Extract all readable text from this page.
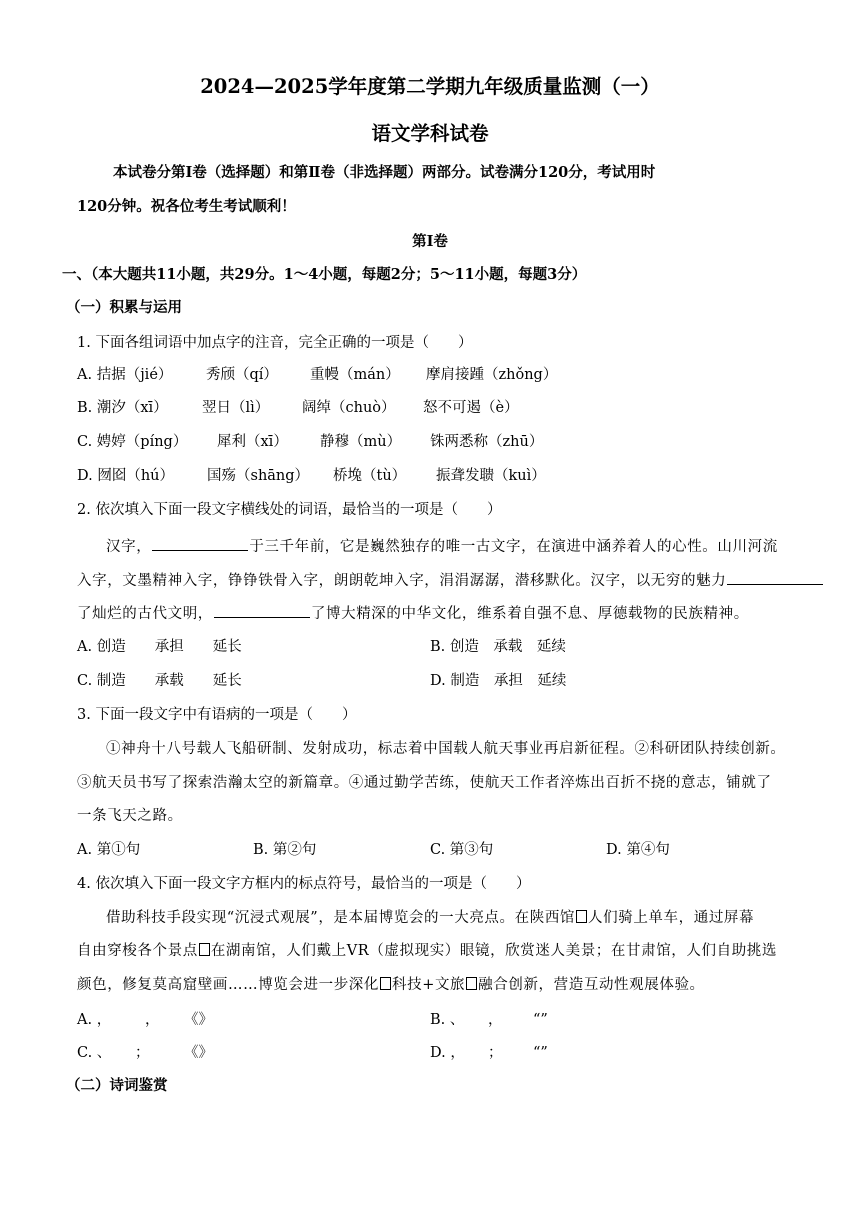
2024—2025学年度第二学期九年级质量监测（一）
语文学科试卷
本试卷分第Ⅰ卷（选择题）和第Ⅱ卷（非选择题）两部分。试卷满分120分，考试用时
120分钟。祝各位考生考试顺利！
第Ⅰ卷
一、（本大题共11小题，共29分。1～4小题，每题2分；5～11小题，每题3分）
（一）积累与运用
1. 下面各组词语中加点字的注音，完全正确的一项是（　　）
A. 拮据（jié） 秀颀（qí） 重幔（mán） 摩肩接踵（zhǒng）
B. 潮汐（xī） 翌日（lì） 阔绰（chuò） 怒不可遏（è）
C. 娉婷（píng） 犀利（xī） 静穆（mù） 铢两悉称（zhū）
D. 囫囵（hú） 国殇（shāng） 桥堍（tù） 振聋发聩（kuì）
2. 依次填入下面一段文字横线处的词语，最恰当的一项是（　　）
汉字，	于三千年前，它是巍然独存的唯一古文字，在演进中涵养着人的心性。山川河流
入字，文墨精神入字，铮铮铁骨入字，朗朗乾坤入字，涓涓潺潺，潜移默化。汉字，以无穷的魅力
了灿烂的古代文明，	了博大精深的中华文化，维系着自强不息、厚德载物的民族精神。
A. 创造　　承担　　延长	B. 创造　承载　延续
C. 制造　　承载　　延长	D. 制造　承担　延续
3. 下面一段文字中有语病的一项是（　　）
①神舟十八号载人飞船研制、发射成功，标志着中国载人航天事业再启新征程。②科研团队持续创新。
③航天员书写了探索浩瀚太空的新篇章。④通过勤学苦练，使航天工作者淬炼出百折不挠的意志，铺就了
一条飞天之路。
A. 第①句	B. 第②句	C. 第③句	D. 第④句
4. 依次填入下面一段文字方框内的标点符号，最恰当的一项是（　　）
借助科技手段实现“沉浸式观展”，是本届博览会的一大亮点。在陕西馆 人们骑上单车，通过屏幕
自由穿梭各个景点 在湖南馆，人们戴上VR（虚拟现实）眼镜，欣赏迷人美景；在甘肃馆，人们自助挑选
颜色，修复莫高窟壁画……博览会进一步深化 科技+文旅 融合创新，营造互动性观展体验。
A. ， ， 《》	B. 、 ， “”
C. 、 ； 《》	D. ， ； “”
（二）诗词鉴赏
